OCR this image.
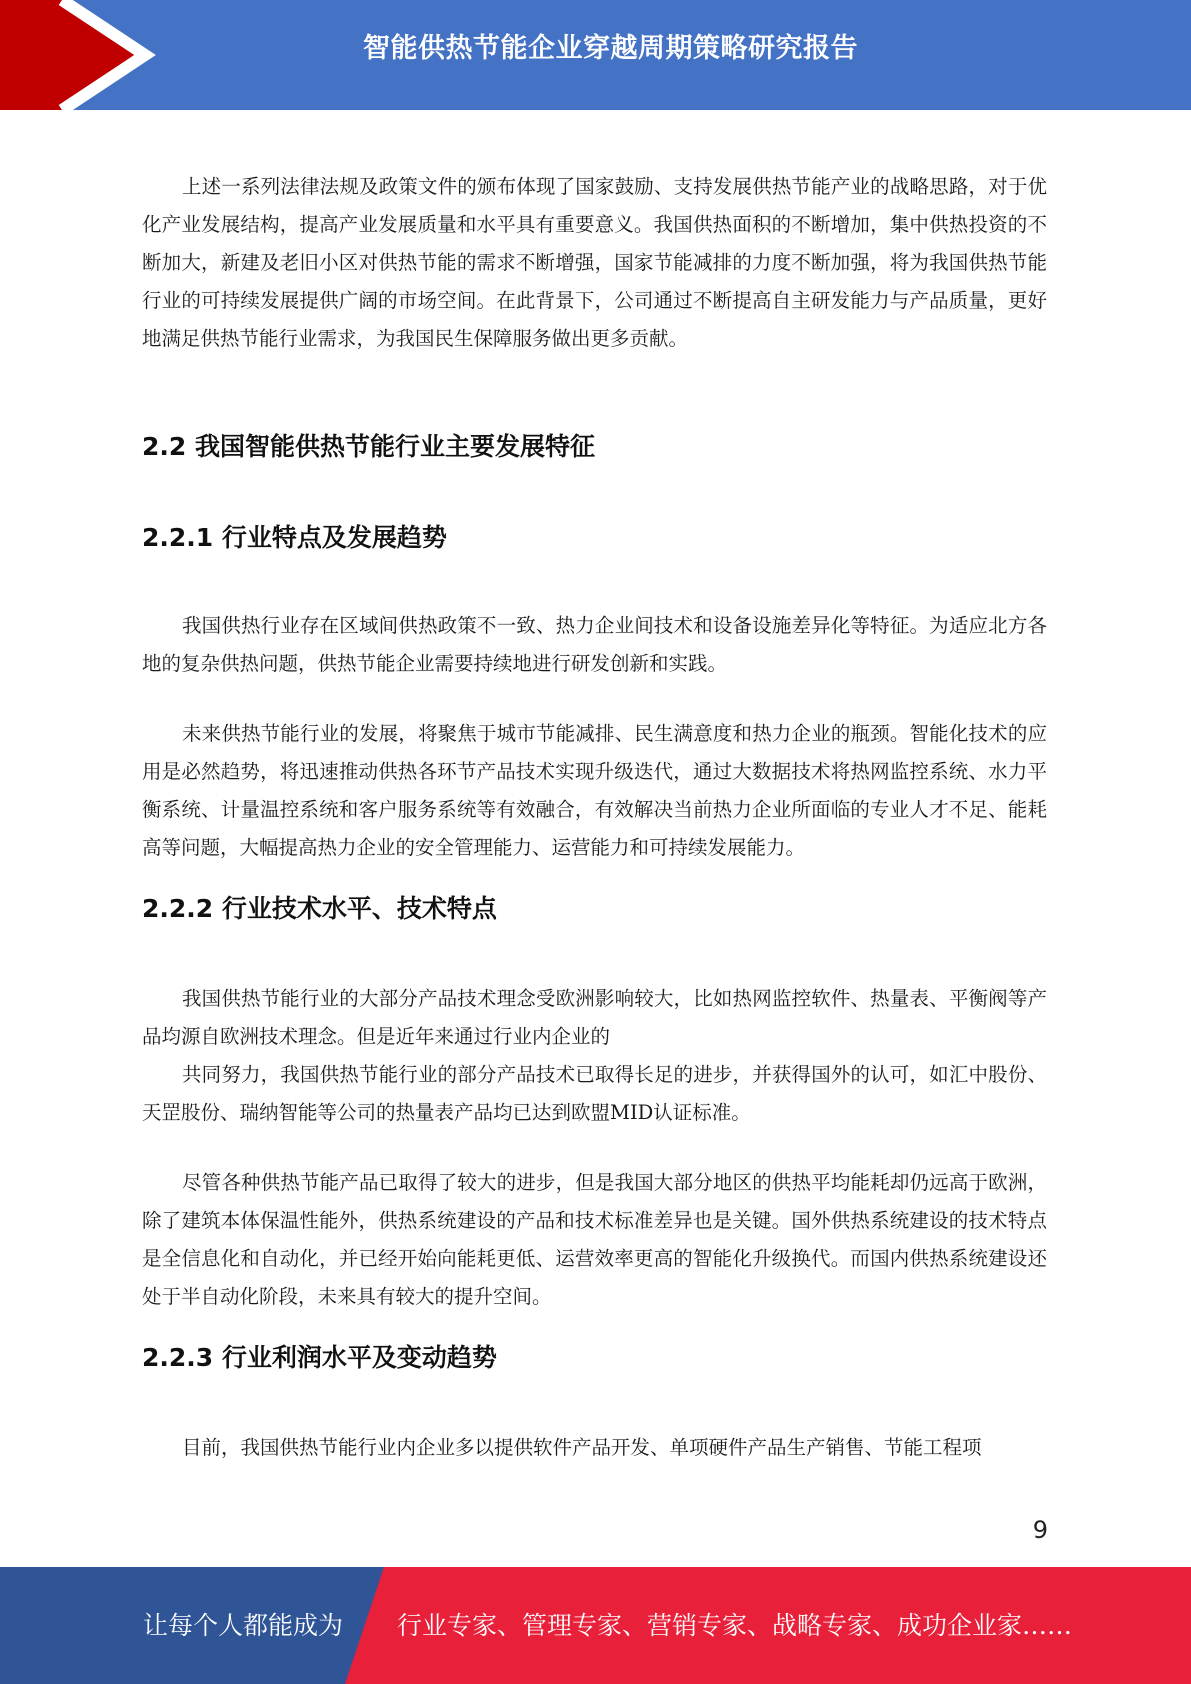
智能供热节能企业穿越周期策略研究报告

上述一系列法律法规及政策文件的颁布体现了国家鼓励、支持发展供热节能产业的战略思路，对于优化产业发展结构，提高产业发展质量和水平具有重要意义。我国供热面积的不断增加，集中供热投资的不断加大，新建及老旧小区对供热节能的需求不断增强，国家节能减排的力度不断加强，将为我国供热节能行业的可持续发展提供广阔的市场空间。在此背景下，公司通过不断提高自主研发能力与产品质量，更好地满足供热节能行业需求，为我国民生保障服务做出更多贡献。

2.2 我国智能供热节能行业主要发展特征
2.2.1 行业特点及发展趋势

我国供热行业存在区域间供热政策不一致、热力企业间技术和设备设施差异化等特征。为适应北方各地的复杂供热问题，供热节能企业需要持续地进行研发创新和实践。

未来供热节能行业的发展，将聚焦于城市节能减排、民生满意度和热力企业的瓶颈。智能化技术的应用是必然趋势，将迅速推动供热各环节产品技术实现升级迭代，通过大数据技术将热网监控系统、水力平衡系统、计量温控系统和客户服务系统等有效融合，有效解决当前热力企业所面临的专业人才不足、能耗高等问题，大幅提高热力企业的安全管理能力、运营能力和可持续发展能力。

2.2.2 行业技术水平、技术特点

我国供热节能行业的大部分产品技术理念受欧洲影响较大，比如热网监控软件、热量表、平衡阀等产品均源自欧洲技术理念。但是近年来通过行业内企业的

共同努力，我国供热节能行业的部分产品技术已取得长足的进步，并获得国外的认可，如汇中股份、天罡股份、瑞纳智能等公司的热量表产品均已达到欧盟MID认证标准。

尽管各种供热节能产品已取得了较大的进步，但是我国大部分地区的供热平均能耗却仍远高于欧洲，除了建筑本体保温性能外，供热系统建设的产品和技术标准差异也是关键。国外供热系统建设的技术特点是全信息化和自动化，并已经开始向能耗更低、运营效率更高的智能化升级换代。而国内供热系统建设还处于半自动化阶段，未来具有较大的提升空间。

2.2.3 行业利润水平及变动趋势

目前，我国供热节能行业内企业多以提供软件产品开发、单项硬件产品生产销售、节能工程项

9
让每个人都能成为 行业专家、管理专家、营销专家、战略专家、成功企业家……
